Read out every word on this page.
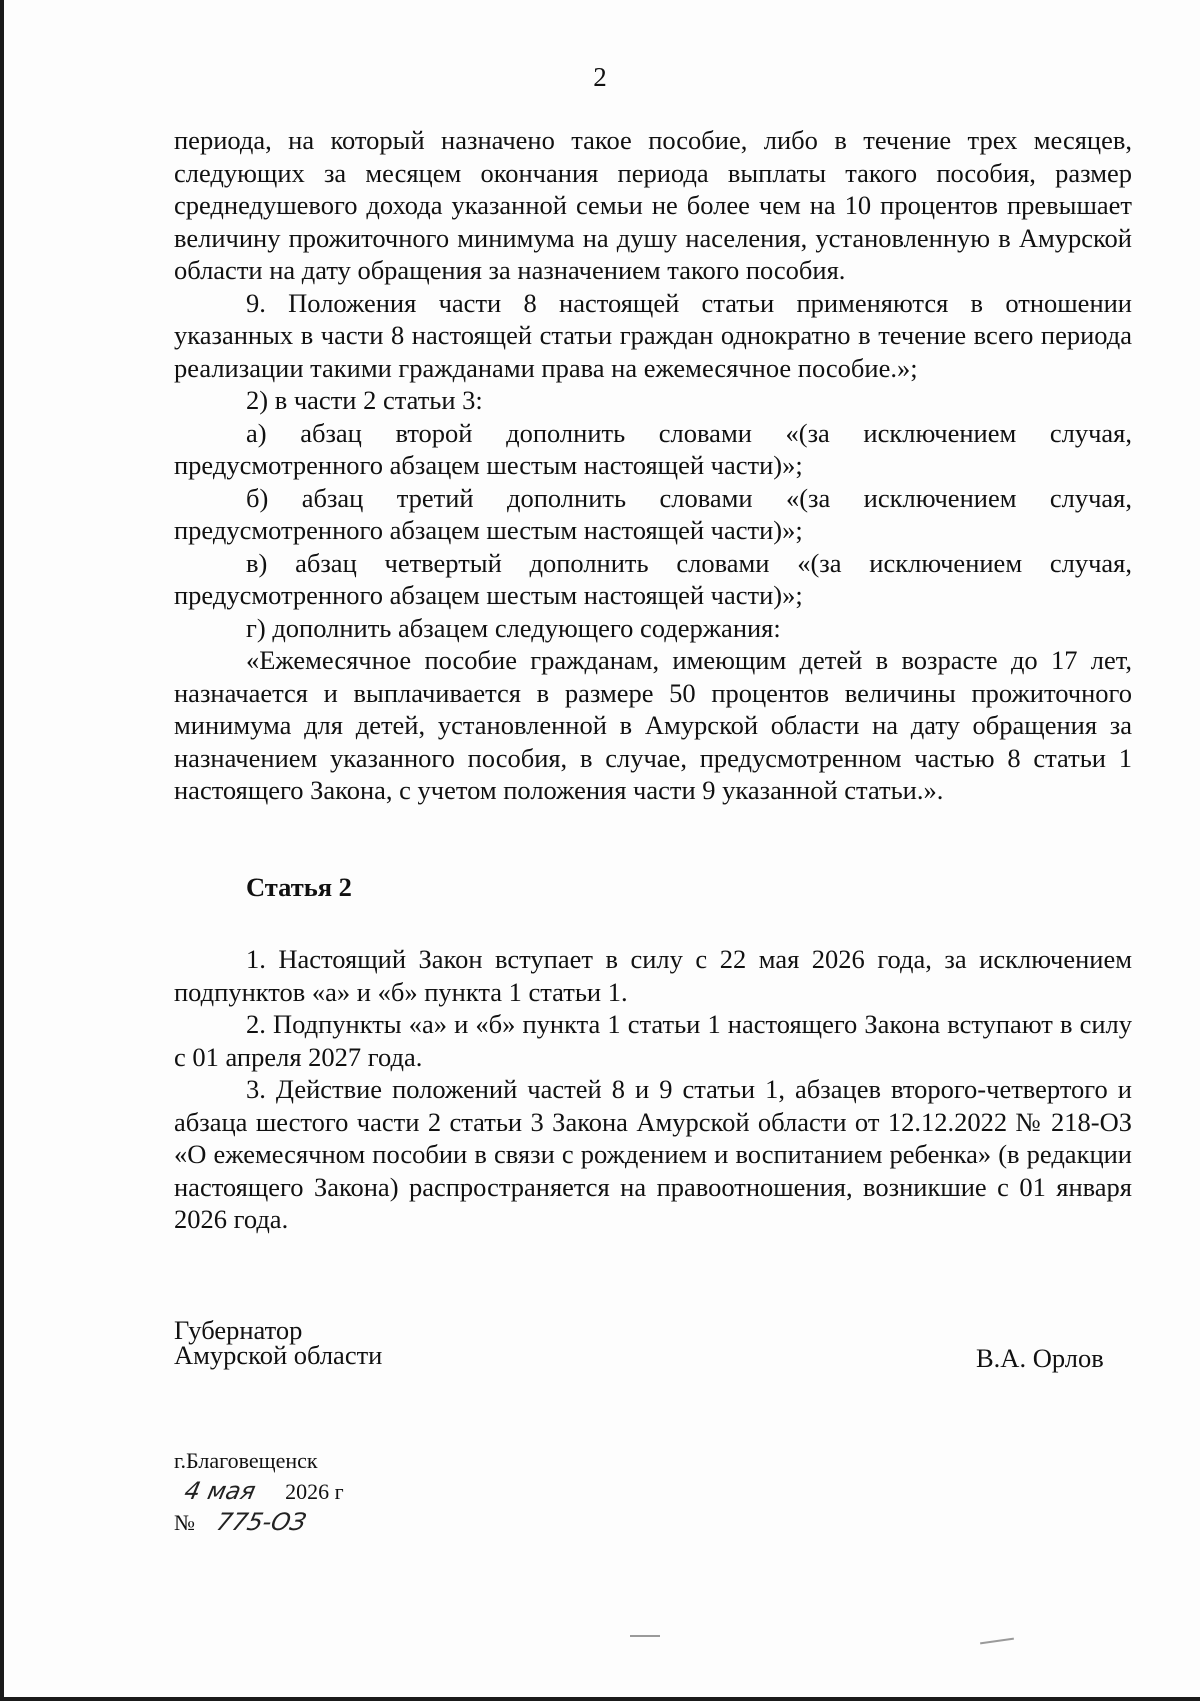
2

периода, на который назначено такое пособие, либо в течение трех месяцев, следующих за месяцем окончания периода выплаты такого пособия, размер среднедушевого дохода указанной семьи не более чем на 10 процентов превышает величину прожиточного минимума на душу населения, установленную в Амурской области на дату обращения за назначением такого пособия.

9. Положения части 8 настоящей статьи применяются в отношении указанных в части 8 настоящей статьи граждан однократно в течение всего периода реализации такими гражданами права на ежемесячное пособие.»;

2) в части 2 статьи 3:

а) абзац второй дополнить словами «(за исключением случая, предусмотренного абзацем шестым настоящей части)»;

б) абзац третий дополнить словами «(за исключением случая, предусмотренного абзацем шестым настоящей части)»;

в) абзац четвертый дополнить словами «(за исключением случая, предусмотренного абзацем шестым настоящей части)»;

г) дополнить абзацем следующего содержания:

«Ежемесячное пособие гражданам, имеющим детей в возрасте до 17 лет, назначается и выплачивается в размере 50 процентов величины прожиточного минимума для детей, установленной в Амурской области на дату обращения за назначением указанного пособия, в случае, предусмотренном частью 8 статьи 1 настоящего Закона, с учетом положения части 9 указанной статьи.».

Статья 2

1. Настоящий Закон вступает в силу с 22 мая 2026 года, за исключением подпунктов «а» и «б» пункта 1 статьи 1.

2. Подпункты «а» и «б» пункта 1 статьи 1 настоящего Закона вступают в силу с 01 апреля 2027 года.

3. Действие положений частей 8 и 9 статьи 1, абзацев второго-четвертого и абзаца шестого части 2 статьи 3 Закона Амурской области от 12.12.2022 № 218-ОЗ «О ежемесячном пособии в связи с рождением и воспитанием ребенка» (в редакции настоящего Закона) распространяется на правоотношения, возникшие с 01 января 2026 года.

Губернатор
Амурской области	В.А. Орлов
г.Благовещенск
4 мая 2026 г
№ 775-ОЗ
